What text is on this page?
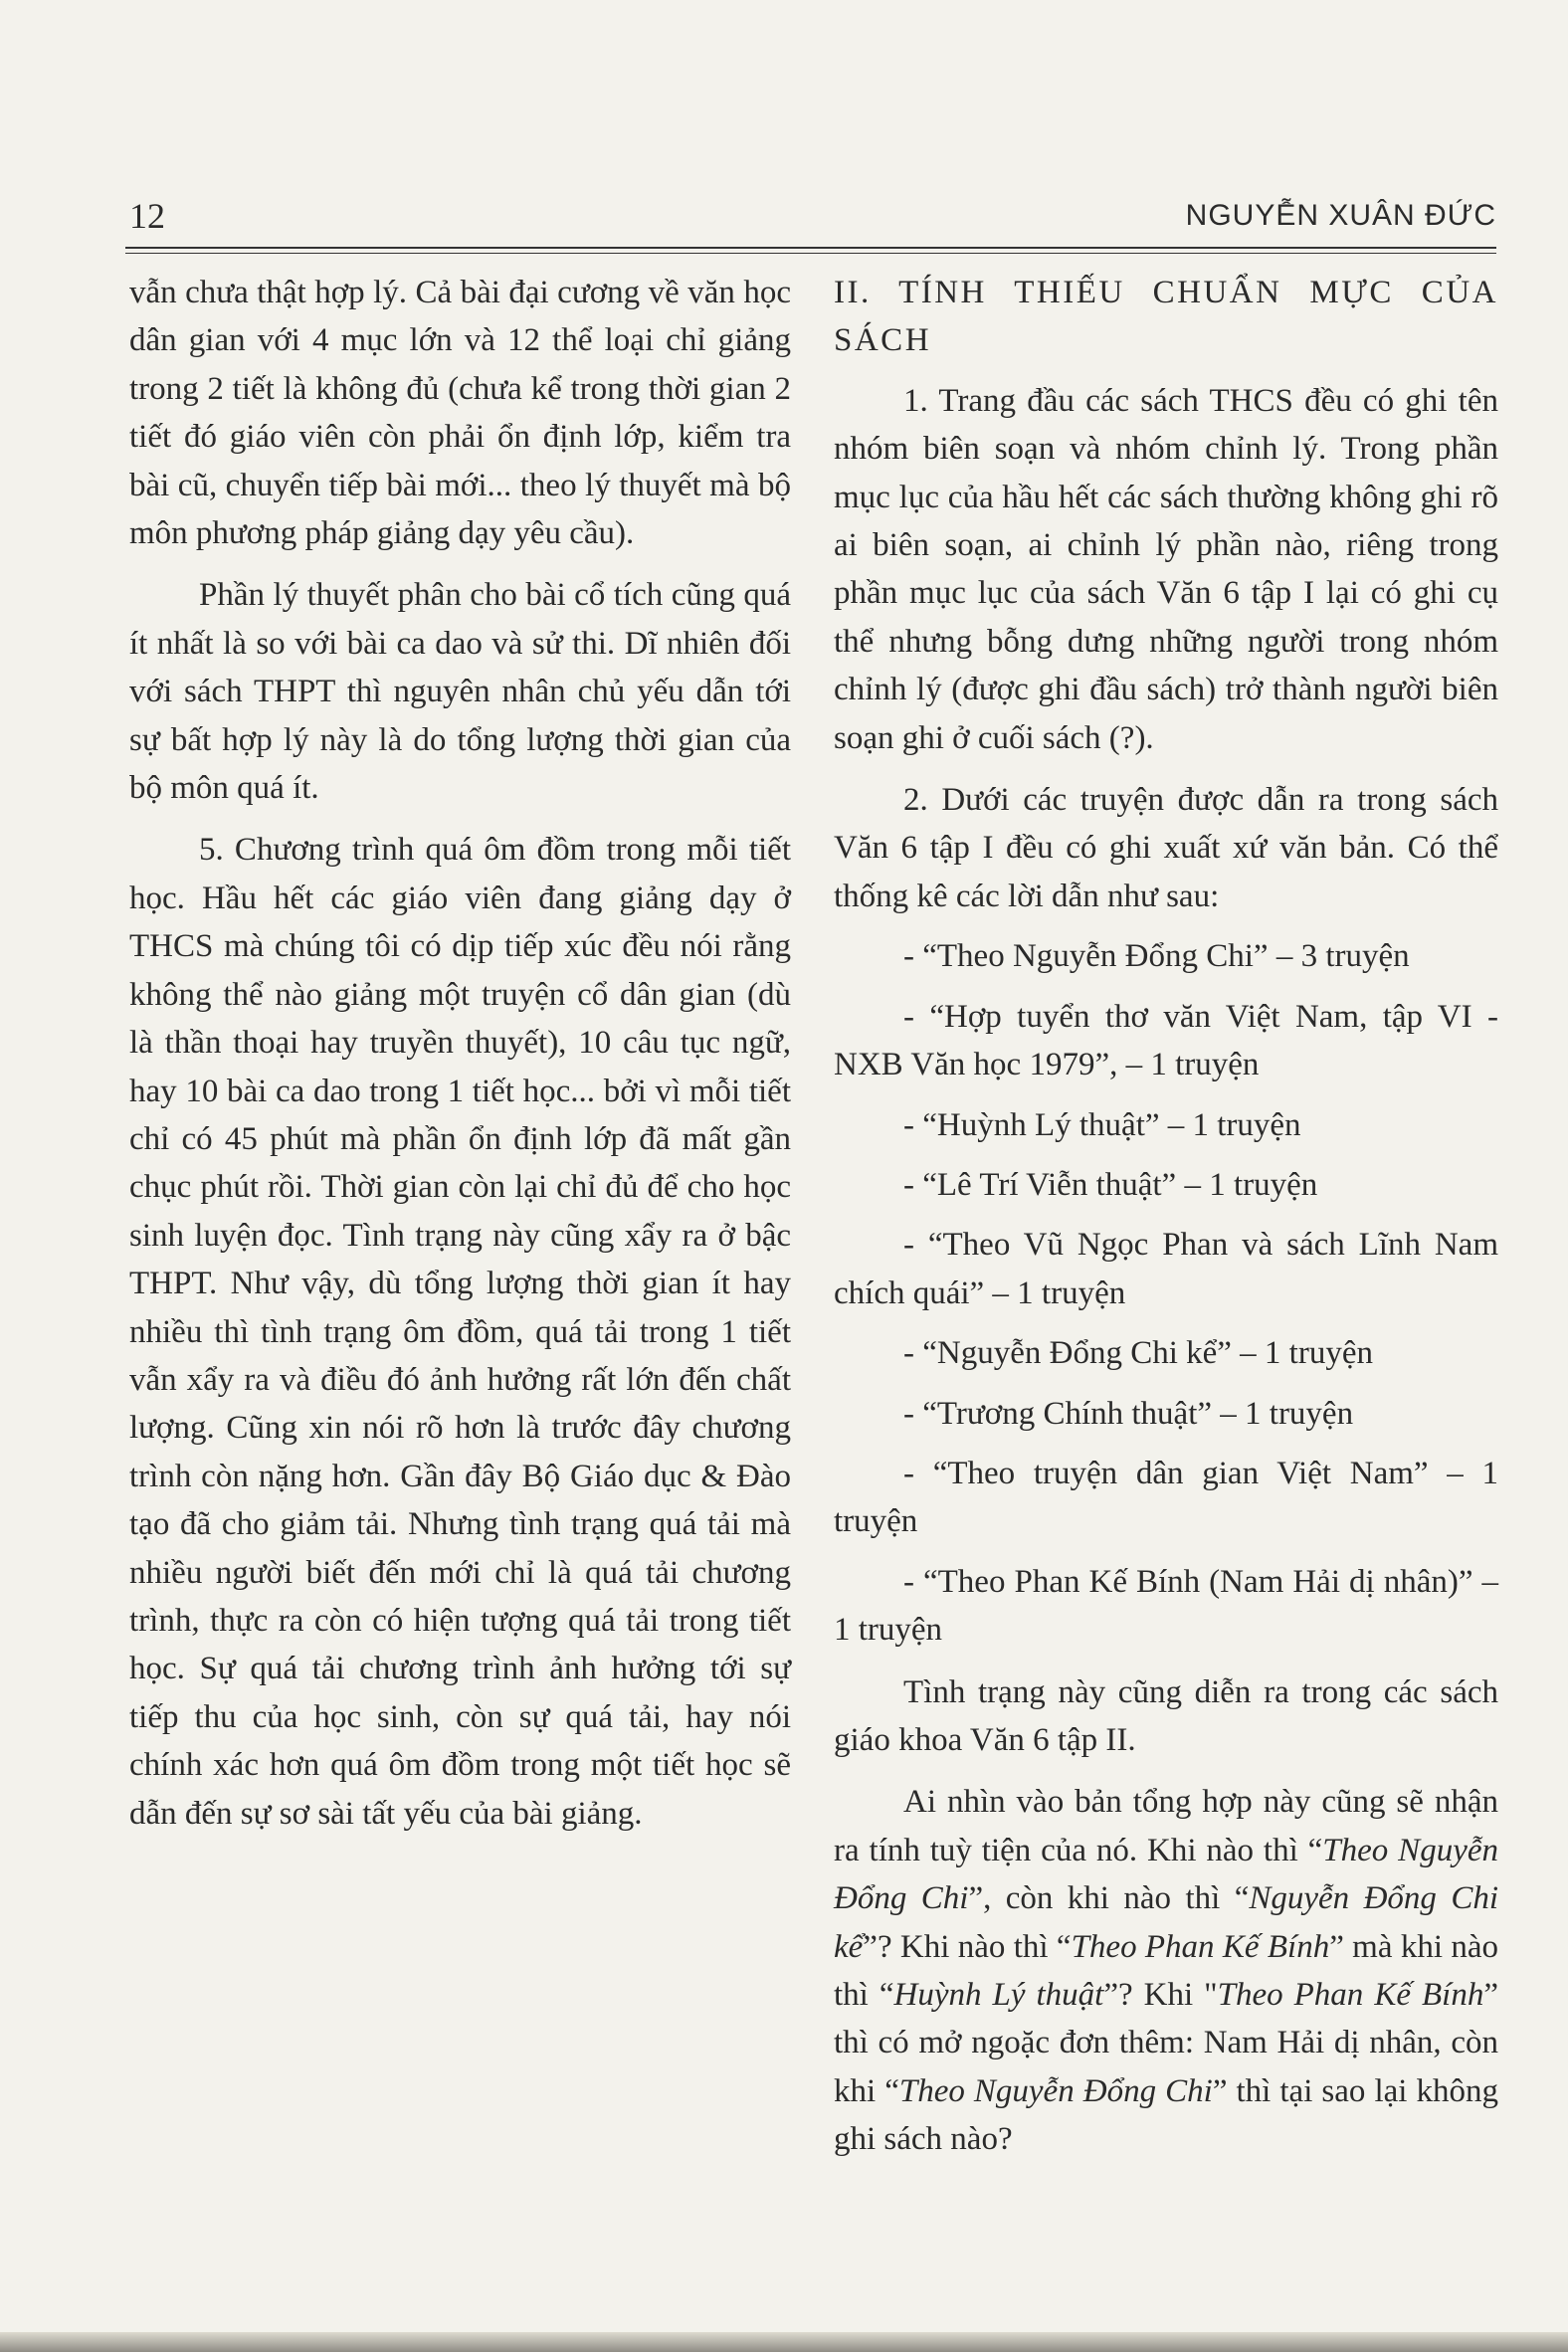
12	NGUYỄN XUÂN ĐỨC

vẫn chưa thật hợp lý. Cả bài đại cương về văn học dân gian với 4 mục lớn và 12 thể loại chỉ giảng trong 2 tiết là không đủ (chưa kể trong thời gian 2 tiết đó giáo viên còn phải ổn định lớp, kiểm tra bài cũ, chuyển tiếp bài mới... theo lý thuyết mà bộ môn phương pháp giảng dạy yêu cầu).

Phần lý thuyết phân cho bài cổ tích cũng quá ít nhất là so với bài ca dao và sử thi. Dĩ nhiên đối với sách THPT thì nguyên nhân chủ yếu dẫn tới sự bất hợp lý này là do tổng lượng thời gian của bộ môn quá ít.

5. Chương trình quá ôm đồm trong mỗi tiết học. Hầu hết các giáo viên đang giảng dạy ở THCS mà chúng tôi có dịp tiếp xúc đều nói rằng không thể nào giảng một truyện cổ dân gian (dù là thần thoại hay truyền thuyết), 10 câu tục ngữ, hay 10 bài ca dao trong 1 tiết học... bởi vì mỗi tiết chỉ có 45 phút mà phần ổn định lớp đã mất gần chục phút rồi. Thời gian còn lại chỉ đủ để cho học sinh luyện đọc. Tình trạng này cũng xẩy ra ở bậc THPT. Như vậy, dù tổng lượng thời gian ít hay nhiều thì tình trạng ôm đồm, quá tải trong 1 tiết vẫn xẩy ra và điều đó ảnh hưởng rất lớn đến chất lượng. Cũng xin nói rõ hơn là trước đây chương trình còn nặng hơn. Gần đây Bộ Giáo dục & Đào tạo đã cho giảm tải. Nhưng tình trạng quá tải mà nhiều người biết đến mới chỉ là quá tải chương trình, thực ra còn có hiện tượng quá tải trong tiết học. Sự quá tải chương trình ảnh hưởng tới sự tiếp thu của học sinh, còn sự quá tải, hay nói chính xác hơn quá ôm đồm trong một tiết học sẽ dẫn đến sự sơ sài tất yếu của bài giảng.

II. TÍNH THIẾU CHUẨN MỰC CỦA SÁCH

1. Trang đầu các sách THCS đều có ghi tên nhóm biên soạn và nhóm chỉnh lý. Trong phần mục lục của hầu hết các sách thường không ghi rõ ai biên soạn, ai chỉnh lý phần nào, riêng trong phần mục lục của sách Văn 6 tập I lại có ghi cụ thể nhưng bỗng dưng những người trong nhóm chỉnh lý (được ghi đầu sách) trở thành người biên soạn ghi ở cuối sách (?).

2. Dưới các truyện được dẫn ra trong sách Văn 6 tập I đều có ghi xuất xứ văn bản. Có thể thống kê các lời dẫn như sau:

- “Theo Nguyễn Đổng Chi” – 3 truyện

- “Hợp tuyển thơ văn Việt Nam, tập VI - NXB Văn học 1979”, – 1 truyện

- “Huỳnh Lý thuật” – 1 truyện

- “Lê Trí Viễn thuật” – 1 truyện

- “Theo Vũ Ngọc Phan và sách Lĩnh Nam chích quái” – 1 truyện

- “Nguyễn Đổng Chi kể” – 1 truyện

- “Trương Chính thuật” – 1 truyện

- “Theo truyện dân gian Việt Nam” – 1 truyện

- “Theo Phan Kế Bính (Nam Hải dị nhân)” – 1 truyện

Tình trạng này cũng diễn ra trong các sách giáo khoa Văn 6 tập II.

Ai nhìn vào bản tổng hợp này cũng sẽ nhận ra tính tuỳ tiện của nó. Khi nào thì “Theo Nguyễn Đổng Chi”, còn khi nào thì “Nguyễn Đổng Chi kể”? Khi nào thì “Theo Phan Kế Bính” mà khi nào thì “Huỳnh Lý thuật”? Khi "Theo Phan Kế Bính” thì có mở ngoặc đơn thêm: Nam Hải dị nhân, còn khi “Theo Nguyễn Đổng Chi” thì tại sao lại không ghi sách nào?
